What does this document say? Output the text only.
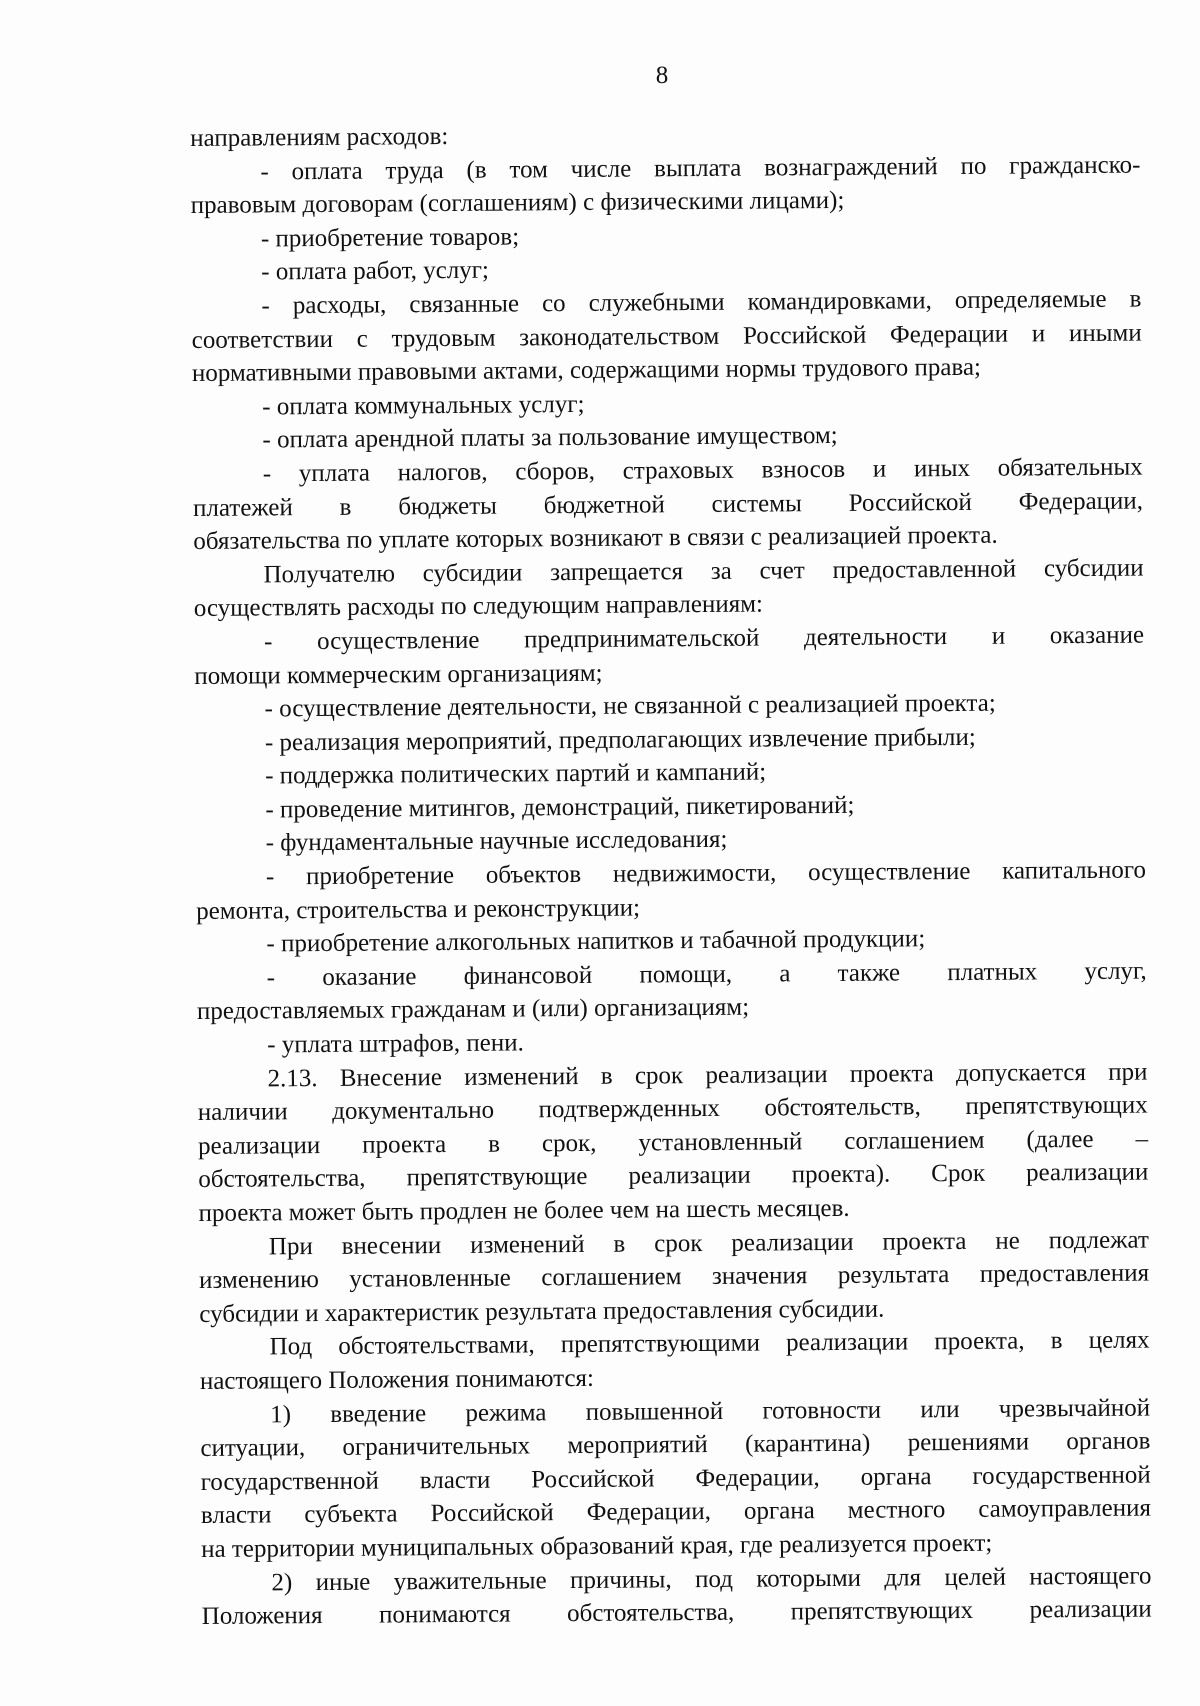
8
направлениям расходов:
- оплата труда (в том числе выплата вознаграждений по гражданско-
правовым договорам (соглашениям) с физическими лицами);
- приобретение товаров;
- оплата работ, услуг;
- расходы, связанные со служебными командировками, определяемые в
соответствии с трудовым законодательством Российской Федерации и иными
нормативными правовыми актами, содержащими нормы трудового права;
- оплата коммунальных услуг;
- оплата арендной платы за пользование имуществом;
- уплата налогов, сборов, страховых взносов и иных обязательных
платежей в бюджеты бюджетной системы Российской Федерации,
обязательства по уплате которых возникают в связи с реализацией проекта.
Получателю субсидии запрещается за счет предоставленной субсидии
осуществлять расходы по следующим направлениям:
- осуществление предпринимательской деятельности и оказание
помощи коммерческим организациям;
- осуществление деятельности, не связанной с реализацией проекта;
- реализация мероприятий, предполагающих извлечение прибыли;
- поддержка политических партий и кампаний;
- проведение митингов, демонстраций, пикетирований;
- фундаментальные научные исследования;
- приобретение объектов недвижимости, осуществление капитального
ремонта, строительства и реконструкции;
- приобретение алкогольных напитков и табачной продукции;
- оказание финансовой помощи, а также платных услуг,
предоставляемых гражданам и (или) организациям;
- уплата штрафов, пени.
2.13. Внесение изменений в срок реализации проекта допускается при
наличии документально подтвержденных обстоятельств, препятствующих
реализации проекта в срок, установленный соглашением (далее –
обстоятельства, препятствующие реализации проекта). Срок реализации
проекта может быть продлен не более чем на шесть месяцев.
При внесении изменений в срок реализации проекта не подлежат
изменению установленные соглашением значения результата предоставления
субсидии и характеристик результата предоставления субсидии.
Под обстоятельствами, препятствующими реализации проекта, в целях
настоящего Положения понимаются:
1) введение режима повышенной готовности или чрезвычайной
ситуации, ограничительных мероприятий (карантина) решениями органов
государственной власти Российской Федерации, органа государственной
власти субъекта Российской Федерации, органа местного самоуправления
на территории муниципальных образований края, где реализуется проект;
2) иные уважительные причины, под которыми для целей настоящего
Положения понимаются обстоятельства, препятствующих реализации
